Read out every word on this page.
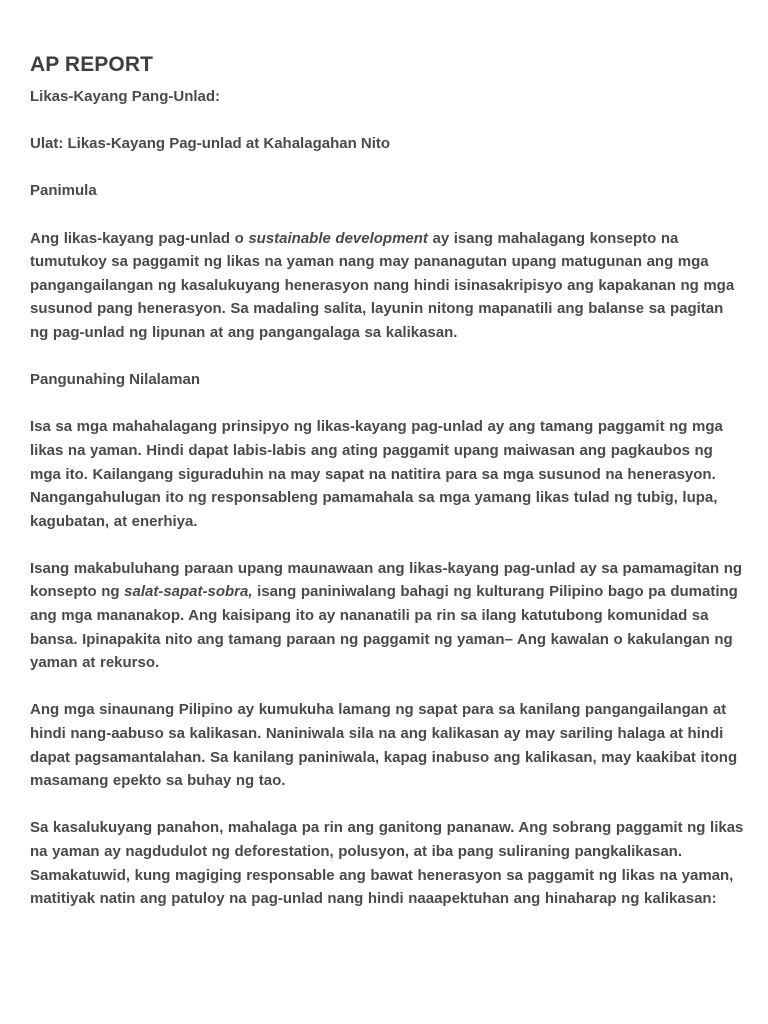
AP REPORT
Likas-Kayang Pang-Unlad:
Ulat: Likas-Kayang Pag-unlad at Kahalagahan Nito
Panimula

Ang likas-kayang pag-unlad o sustainable development ay isang mahalagang konsepto na tumutukoy sa paggamit ng likas na yaman nang may pananagutan upang matugunan ang mga pangangailangan ng kasalukuyang henerasyon nang hindi isinasakripisyo ang kapakanan ng mga susunod pang henerasyon. Sa madaling salita, layunin nitong mapanatili ang balanse sa pagitan ng pag-unlad ng lipunan at ang pangangalaga sa kalikasan.

Pangunahing Nilalaman

Isa sa mga mahahalagang prinsipyo ng likas-kayang pag-unlad ay ang tamang paggamit ng mga likas na yaman. Hindi dapat labis-labis ang ating paggamit upang maiwasan ang pagkaubos ng mga ito. Kailangang siguraduhin na may sapat na natitira para sa mga susunod na henerasyon. Nangangahulugan ito ng responsableng pamamahala sa mga yamang likas tulad ng tubig, lupa, kagubatan, at enerhiya.

Isang makabuluhang paraan upang maunawaan ang likas-kayang pag-unlad ay sa pamamagitan ng konsepto ng salat-sapat-sobra, isang paniniwalang bahagi ng kulturang Pilipino bago pa dumating ang mga mananakop. Ang kaisipang ito ay nananatili pa rin sa ilang katutubong komunidad sa bansa. Ipinapakita nito ang tamang paraan ng paggamit ng yaman– Ang kawalan o kakulangan ng yaman at rekurso.

Ang mga sinaunang Pilipino ay kumukuha lamang ng sapat para sa kanilang pangangailangan at hindi nang-aabuso sa kalikasan. Naniniwala sila na ang kalikasan ay may sariling halaga at hindi dapat pagsamantalahan. Sa kanilang paniniwala, kapag inabuso ang kalikasan, may kaakibat itong masamang epekto sa buhay ng tao.

Sa kasalukuyang panahon, mahalaga pa rin ang ganitong pananaw. Ang sobrang paggamit ng likas na yaman ay nagdudulot ng deforestation, polusyon, at iba pang suliraning pangkalikasan. Samakatuwid, kung magiging responsable ang bawat henerasyon sa paggamit ng likas na yaman, matitiyak natin ang patuloy na pag-unlad nang hindi naaapektuhan ang hinaharap ng kalikasan:
